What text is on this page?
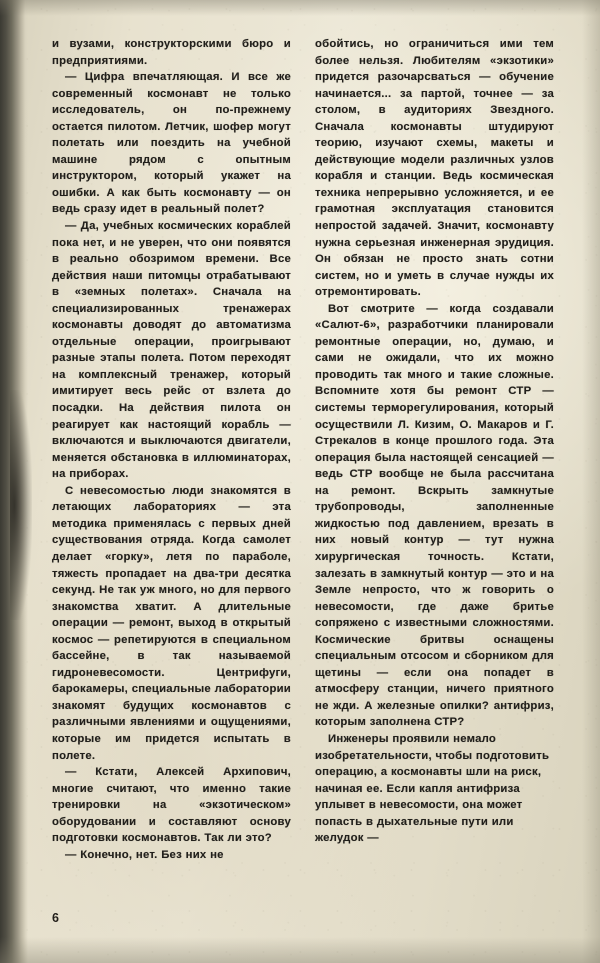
и вузами, конструкторскими бюро и предприятиями.

— Цифра впечатляющая. И все же современный космонавт не только исследователь, он по-прежнему остается пилотом. Летчик, шофер могут полетать или поездить на учебной машине рядом с опытным инструктором, который укажет на ошибки. А как быть космонавту — он ведь сразу идет в реальный полет?

— Да, учебных космических кораблей пока нет, и не уверен, что они появятся в реально обозримом времени. Все действия наши питомцы отрабатывают в «земных полетах». Сначала на специализированных тренажерах космонавты доводят до автоматизма отдельные операции, проигрывают разные этапы полета. Потом переходят на комплексный тренажер, который имитирует весь рейс от взлета до посадки. На действия пилота он реагирует как настоящий корабль — включаются и выключаются двигатели, меняется обстановка в иллюминаторах, на приборах.

С невесомостью люди знакомятся в летающих лабораториях — эта методика применялась с первых дней существования отряда. Когда самолет делает «горку», летя по параболе, тяжесть пропадает на два-три десятка секунд. Не так уж много, но для первого знакомства хватит. А длительные операции — ремонт, выход в открытый космос — репетируются в специальном бассейне, в так называемой гидроневесомости. Центрифуги, барокамеры, специальные лаборатории знакомят будущих космонавтов с различными явлениями и ощущениями, которые им придется испытать в полете.

— Кстати, Алексей Архипович, многие считают, что именно такие тренировки на «экзотическом» оборудовании и составляют основу подготовки космонавтов. Так ли это?

— Конечно, нет. Без них не

обойтись, но ограничиться ими тем более нельзя. Любителям «экзотики» придется разочарсваться — обучение начинается... за партой, точнее — за столом, в аудиториях Звездного. Сначала космонавты штудируют теорию, изучают схемы, макеты и действующие модели различных узлов корабля и станции. Ведь космическая техника непрерывно усложняется, и ее грамотная эксплуатация становится непростой задачей. Значит, космонавту нужна серьезная инженерная эрудиция. Он обязан не просто знать сотни систем, но и уметь в случае нужды их отремонтировать.

Вот смотрите — когда создавали «Салют-6», разработчики планировали ремонтные операции, но, думаю, и сами не ожидали, что их можно проводить так много и такие сложные. Вспомните хотя бы ремонт СТР — системы терморегулирования, который осуществили Л. Кизим, О. Макаров и Г. Стрекалов в конце прошлого года. Эта операция была настоящей сенсацией — ведь СТР вообще не была рассчитана на ремонт. Вскрыть замкнутые трубопроводы, заполненные жидкостью под давлением, врезать в них новый контур — тут нужна хирургическая точность. Кстати, залезать в замкнутый контур — это и на Земле непросто, что ж говорить о невесомости, где даже бритье сопряжено с известными сложностями. Космические бритвы оснащены специальным отсосом и сборником для щетины — если она попадет в атмосферу станции, ничего приятного не жди. А железные опилки? антифриз, которым заполнена СТР?

Инженеры проявили немало изобретательности, чтобы подготовить операцию, а космонавты шли на риск, начиная ее. Если капля антифриза уплывет в невесомости, она может попасть в дыхательные пути или желудок —

6
